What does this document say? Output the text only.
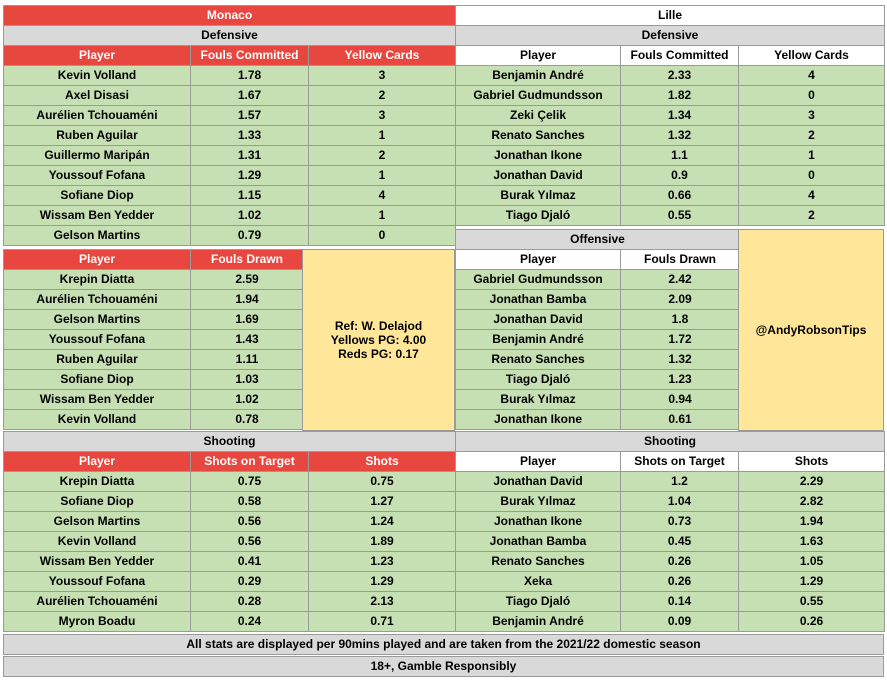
Monaco		
Defensive		
Player	Fouls Committed	Yellow Cards
Kevin Volland	1.78	3
Axel Disasi	1.67	2
Aurélien Tchouaméni	1.57	3
Ruben Aguilar	1.33	1
Guillermo Maripán	1.31	2
Youssouf Fofana	1.29	1
Sofiane Diop	1.15	4
Wissam Ben Yedder	1.02	1
Gelson Martins	0.79	0
Player	Fouls Drawn
Krepin Diatta	2.59
Aurélien Tchouaméni	1.94
Gelson Martins	1.69
Youssouf Fofana	1.43
Ruben Aguilar	1.11
Sofiane Diop	1.03
Wissam Ben Yedder	1.02
Kevin Volland	0.78
Ref: W. Delajod
Yellows PG: 4.00
Reds PG: 0.17
Shooting		
Player	Shots on Target	Shots
Krepin Diatta	0.75	0.75
Sofiane Diop	0.58	1.27
Gelson Martins	0.56	1.24
Kevin Volland	0.56	1.89
Wissam Ben Yedder	0.41	1.23
Youssouf Fofana	0.29	1.29
Aurélien Tchouaméni	0.28	2.13
Myron Boadu	0.24	0.71
Lille		
Defensive		
Player	Fouls Committed	Yellow Cards
Benjamin André	2.33	4
Gabriel Gudmundsson	1.82	0
Zeki Çelik	1.34	3
Renato Sanches	1.32	2
Jonathan Ikone	1.1	1
Jonathan David	0.9	0
Burak Yılmaz	0.66	4
Tiago Djaló	0.55	2
Offensive	
Player	Fouls Drawn
Gabriel Gudmundsson	2.42
Jonathan Bamba	2.09
Jonathan David	1.8
Benjamin André	1.72
Renato Sanches	1.32
Tiago Djaló	1.23
Burak Yılmaz	0.94
Jonathan Ikone	0.61
@AndyRobsonTips
Shooting		
Player	Shots on Target	Shots
Jonathan David	1.2	2.29
Burak Yılmaz	1.04	2.82
Jonathan Ikone	0.73	1.94
Jonathan Bamba	0.45	1.63
Renato Sanches	0.26	1.05
Xeka	0.26	1.29
Tiago Djaló	0.14	0.55
Benjamin André	0.09	0.26
All stats are displayed per 90mins played and are taken from the 2021/22 domestic season
18+, Gamble Responsibly
